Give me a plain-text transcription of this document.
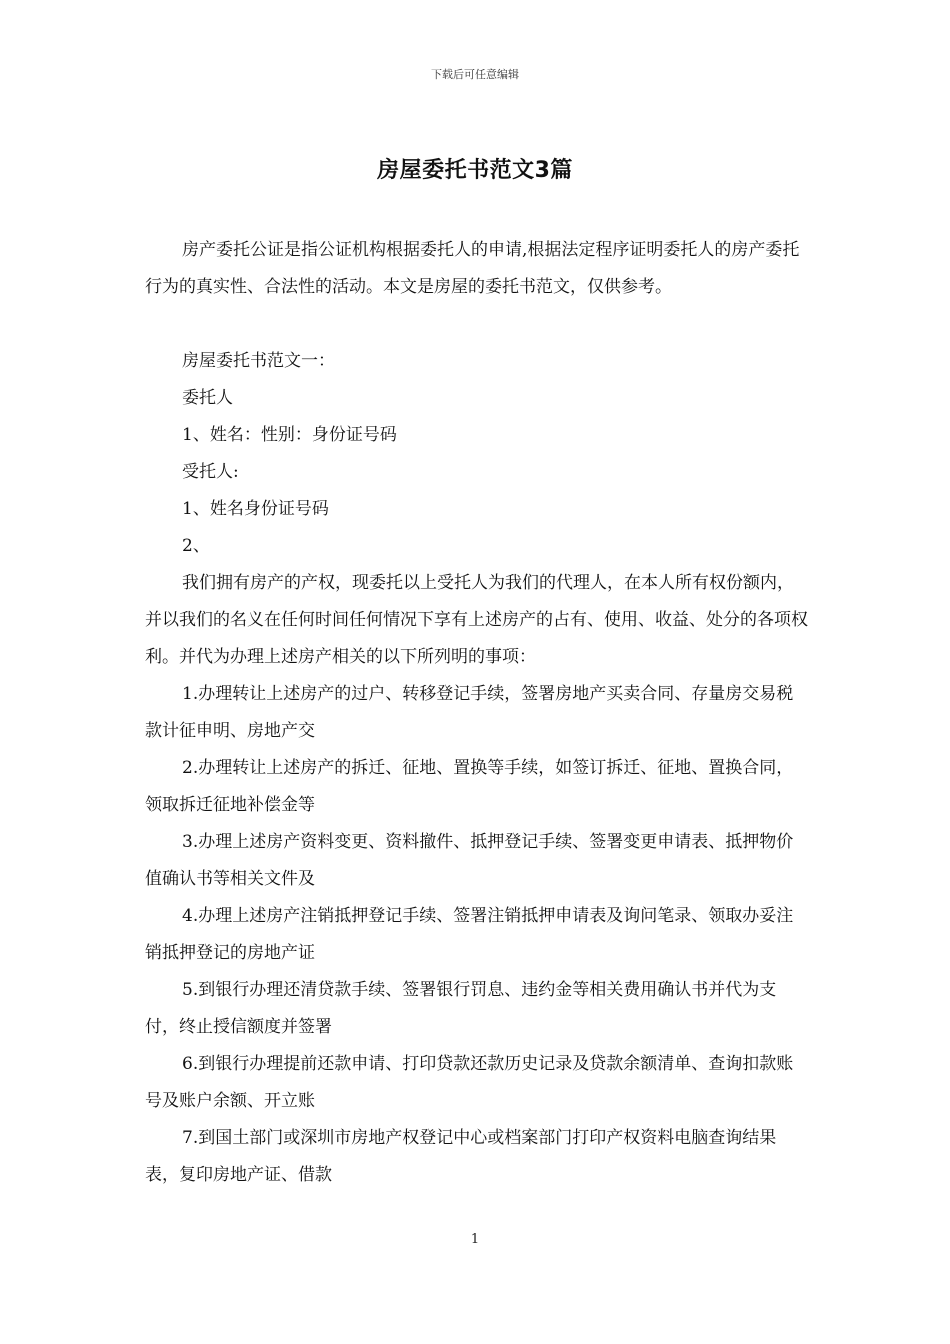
下载后可任意编辑
房屋委托书范文3篇

房产委托公证是指公证机构根据委托人的申请,根据法定程序证明委托人的房产委托行为的真实性、合法性的活动。本文是房屋的委托书范文，仅供参考。

房屋委托书范文一：

委托人

1、姓名：性别：身份证号码

受托人:

1、姓名身份证号码

2、

我们拥有房产的产权，现委托以上受托人为我们的代理人，在本人所有权份额内，并以我们的名义在任何时间任何情况下享有上述房产的占有、使用、收益、处分的各项权利。并代为办理上述房产相关的以下所列明的事项：

1.办理转让上述房产的过户、转移登记手续，签署房地产买卖合同、存量房交易税款计征申明、房地产交

2.办理转让上述房产的拆迁、征地、置换等手续，如签订拆迁、征地、置换合同，领取拆迁征地补偿金等

3.办理上述房产资料变更、资料撤件、抵押登记手续、签署变更申请表、抵押物价值确认书等相关文件及

4.办理上述房产注销抵押登记手续、签署注销抵押申请表及询问笔录、领取办妥注销抵押登记的房地产证

5.到银行办理还清贷款手续、签署银行罚息、违约金等相关费用确认书并代为支付，终止授信额度并签署

6.到银行办理提前还款申请、打印贷款还款历史记录及贷款余额清单、查询扣款账号及账户余额、开立账

7.到国土部门或深圳市房地产权登记中心或档案部门打印产权资料电脑查询结果表，复印房地产证、借款

1
